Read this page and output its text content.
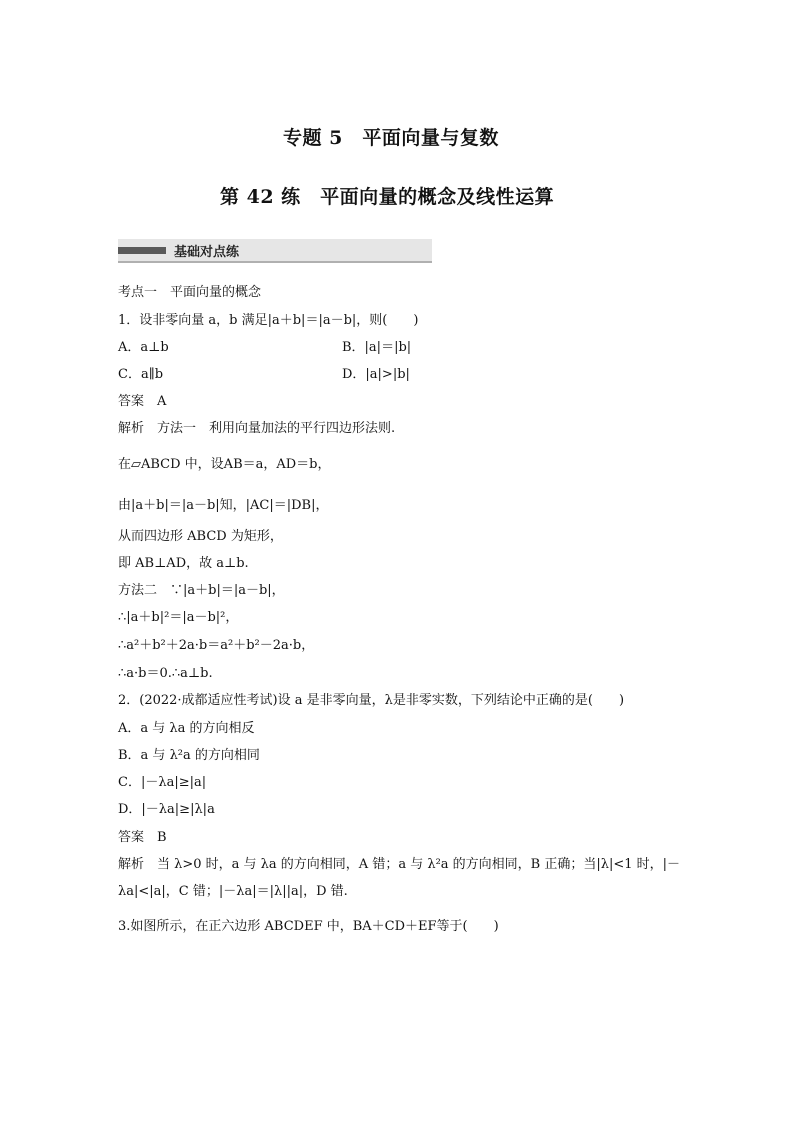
专题 5　平面向量与复数
第 42 练　平面向量的概念及线性运算
基础对点练
考点一　平面向量的概念
1．设非零向量 a，b 满足|a＋b|＝|a－b|，则(　　)
A．a⊥b	B．|a|＝|b|
C．a∥b	D．|a|>|b|
答案　A
解析　方法一　利用向量加法的平行四边形法则.
在▱ABCD 中，设AB＝a，AD＝b，
由|a＋b|＝|a－b|知，|AC|＝|DB|，
从而四边形 ABCD 为矩形，
即 AB⊥AD，故 a⊥b.
方法二　∵|a＋b|＝|a－b|，
∴|a＋b|²＝|a－b|²，
∴a²＋b²＋2a·b＝a²＋b²－2a·b，
∴a·b＝0.∴a⊥b.
2．(2022·成都适应性考试)设 a 是非零向量，λ是非零实数，下列结论中正确的是(　　)
A．a 与 λa 的方向相反
B．a 与 λ²a 的方向相同
C．|－λa|≥|a|
D．|－λa|≥|λ|a
答案　B
解析　当 λ>0 时，a 与 λa 的方向相同，A 错；a 与 λ²a 的方向相同，B 正确；当|λ|<1 时，|－
λa|<|a|，C 错；|－λa|＝|λ||a|，D 错.
3.如图所示，在正六边形 ABCDEF 中，BA＋CD＋EF等于(　　)
